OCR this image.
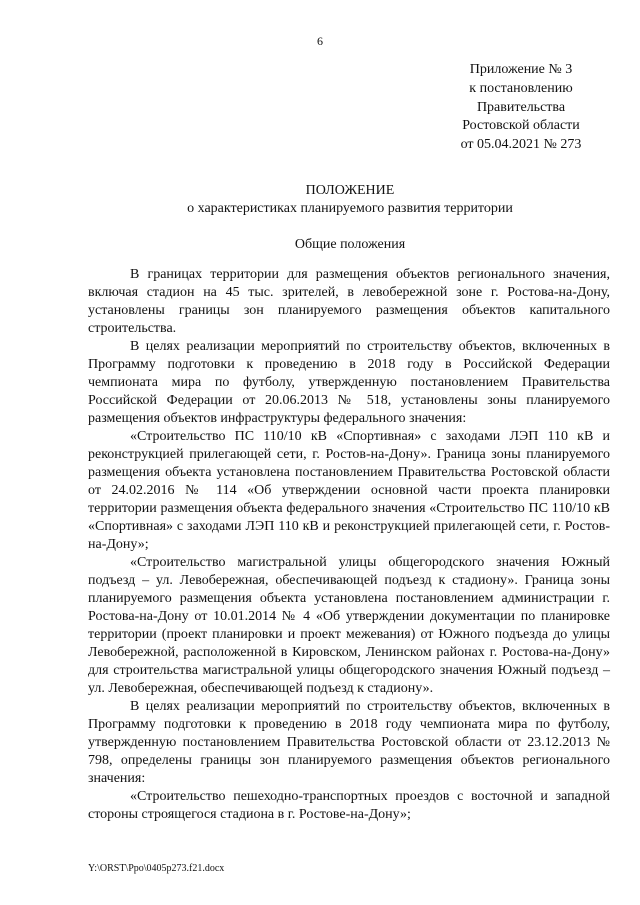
6
Приложение № 3
к постановлению
Правительства
Ростовской области
от 05.04.2021 № 273
ПОЛОЖЕНИЕ
о характеристиках планируемого развития территории
Общие положения

В границах территории для размещения объектов регионального значения, включая стадион на 45 тыс. зрителей, в левобережной зоне г. Ростова-на-Дону, установлены границы зон планируемого размещения объектов капитального строительства.

В целях реализации мероприятий по строительству объектов, включенных в Программу подготовки к проведению в 2018 году в Российской Федерации чемпионата мира по футболу, утвержденную постановлением Правительства Российской Федерации от 20.06.2013 № 518, установлены зоны планируемого размещения объектов инфраструктуры федерального значения:

«Строительство ПС 110/10 кВ «Спортивная» с заходами ЛЭП 110 кВ и реконструкцией прилегающей сети, г. Ростов-на-Дону». Граница зоны планируемого размещения объекта установлена постановлением Правительства Ростовской области от 24.02.2016 № 114 «Об утверждении основной части проекта планировки территории размещения объекта федерального значения «Строительство ПС 110/10 кВ «Спортивная» с заходами ЛЭП 110 кВ и реконструкцией прилегающей сети, г. Ростов-на-Дону»;

«Строительство магистральной улицы общегородского значения Южный подъезд – ул. Левобережная, обеспечивающей подъезд к стадиону». Граница зоны планируемого размещения объекта установлена постановлением администрации г. Ростова-на-Дону от 10.01.2014 № 4 «Об утверждении документации по планировке территории (проект планировки и проект межевания) от Южного подъезда до улицы Левобережной, расположенной в Кировском, Ленинском районах г. Ростова-на-Дону» для строительства магистральной улицы общегородского значения Южный подъезд – ул. Левобережная, обеспечивающей подъезд к стадиону».

В целях реализации мероприятий по строительству объектов, включенных в Программу подготовки к проведению в 2018 году чемпионата мира по футболу, утвержденную постановлением Правительства Ростовской области от 23.12.2013 № 798, определены границы зон планируемого размещения объектов регионального значения:

«Строительство пешеходно-транспортных проездов с восточной и западной стороны строящегося стадиона в г. Ростове-на-Дону»;

Y:\ORST\Ppo\0405p273.f21.docx
